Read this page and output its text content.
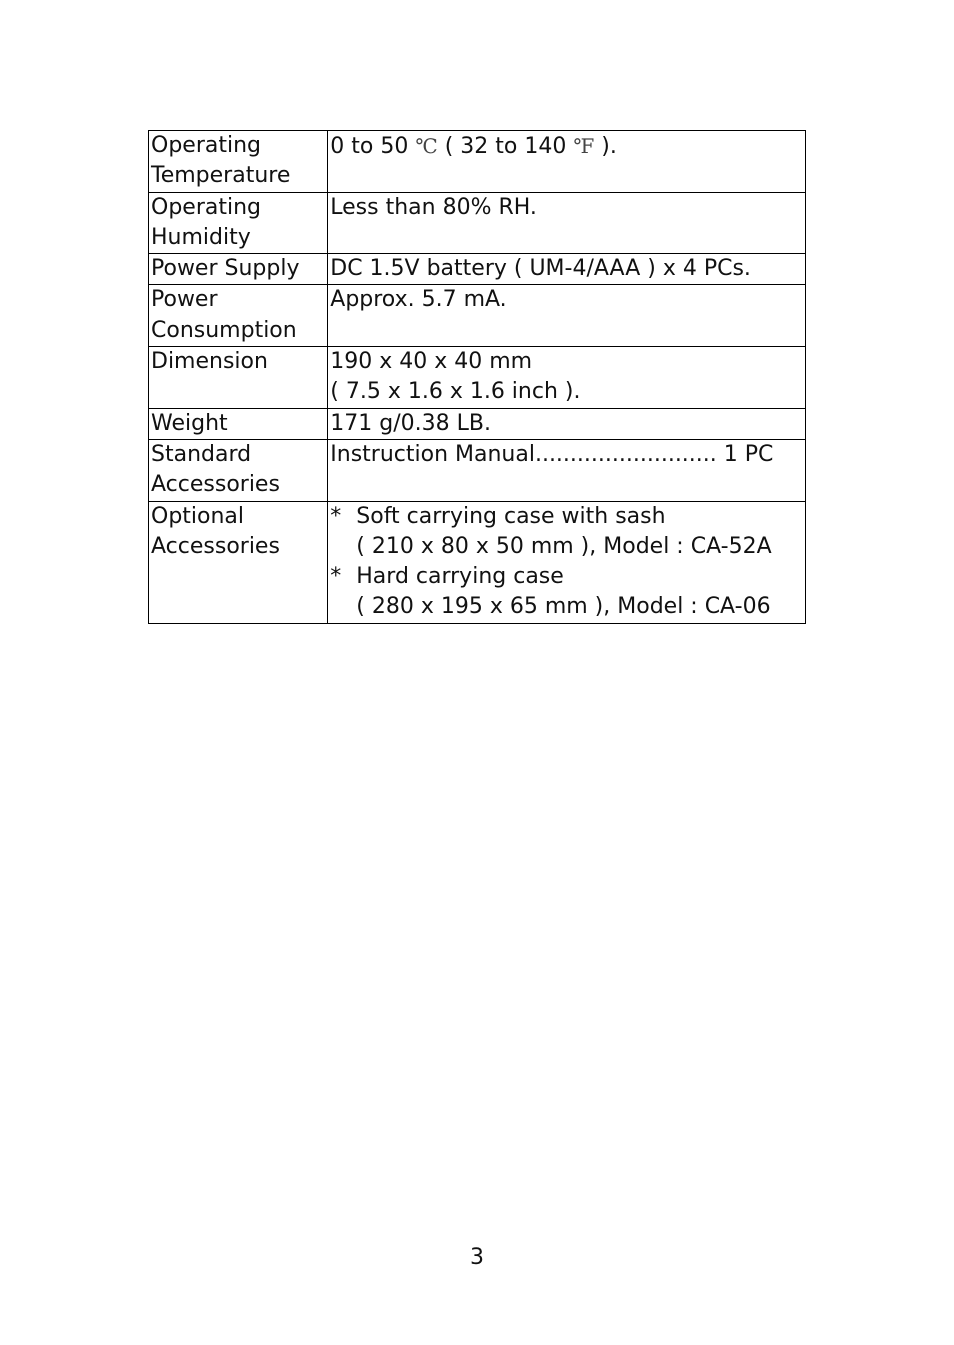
Operating
Temperature	0 to 50 ℃ ( 32 to 140 ℉ ).

Operating
Humidity	Less than 80% RH.

Power Supply	DC 1.5V battery ( UM-4/AAA ) x 4 PCs.

Power
Consumption	Approx. 5.7 mA.

Dimension	190 x 40 x 40 mm
( 7.5 x 1.6 x 1.6 inch ).

Weight	171 g/0.38 LB.

Standard
Accessories	Instruction Manual.......................... 1 PC

Optional
Accessories	* Soft carrying case with sash
( 210 x 80 x 50 mm ), Model : CA-52A
* Hard carrying case
( 280 x 195 x 65 mm ), Model : CA-06
3
